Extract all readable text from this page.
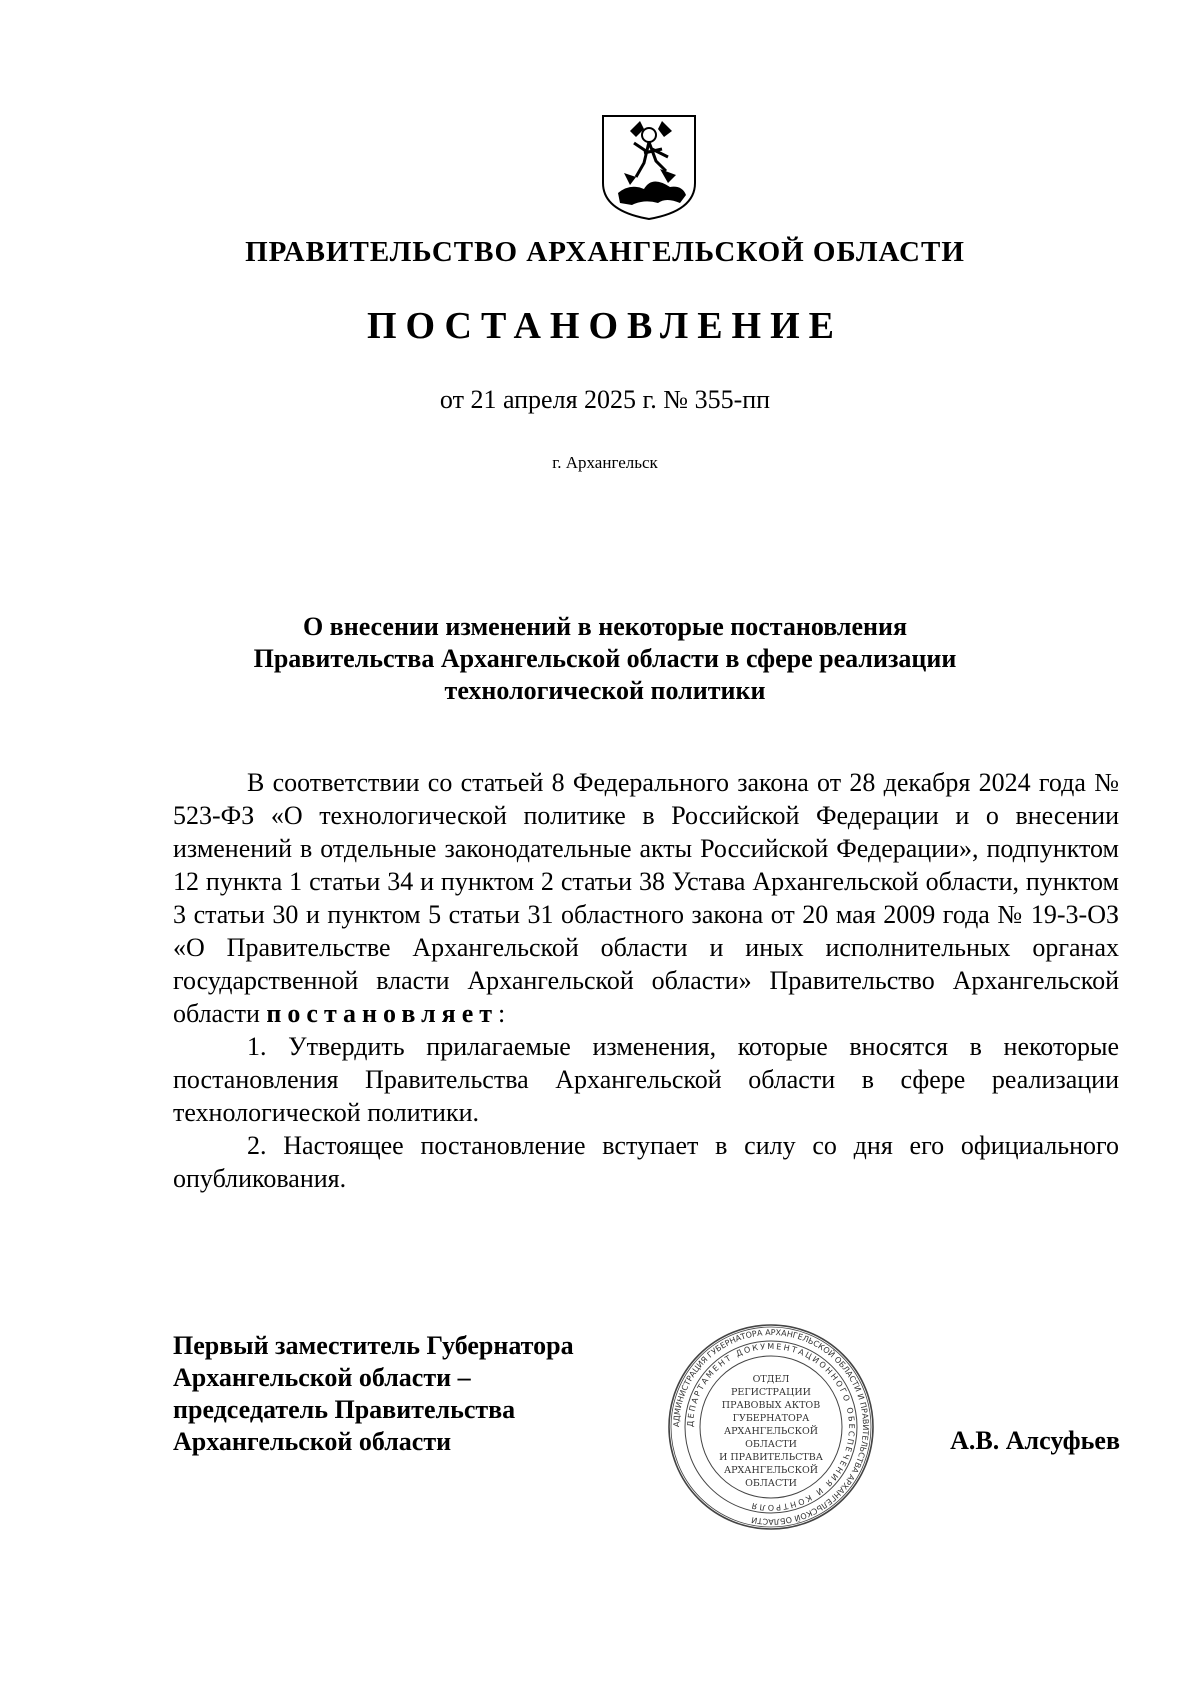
ПРАВИТЕЛЬСТВО АРХАНГЕЛЬСКОЙ ОБЛАСТИ
ПОСТАНОВЛЕНИЕ
от 21 апреля 2025 г. № 355-пп
г. Архангельск
О внесении изменений в некоторые постановления
Правительства Архангельской области в сфере реализации
технологической политики

В соответствии со статьей 8 Федерального закона от 28 декабря 2024 года № 523-ФЗ «О технологической политике в Российской Федерации и о внесении изменений в отдельные законодательные акты Российской Федерации», подпунктом 12 пункта 1 статьи 34 и пунктом 2 статьи 38 Устава Архангельской области, пунктом 3 статьи 30 и пунктом 5 статьи 31 областного закона от 20 мая 2009 года № 19-3-ОЗ «О Правительстве Архангельской области и иных исполнительных органах государственной власти Архангельской области» Правительство Архангельской области постановляет:

1. Утвердить прилагаемые изменения, которые вносятся в некоторые постановления Правительства Архангельской области в сфере реализации технологической политики.

2. Настоящее постановление вступает в силу со дня его официального опубликования.

Первый заместитель Губернатора
Архангельской области –
председатель Правительства
Архангельской области
АДМИНИСТРАЦИЯ ГУБЕРНАТОРА АРХАНГЕЛЬСКОЙ ОБЛАСТИ И ПРАВИТЕЛЬСТВА АРХАНГЕЛЬСКОЙ ОБЛАСТИ
ДЕПАРТАМЕНТ ДОКУМЕНТАЦИОННОГО ОБЕСПЕЧЕНИЯ И КОНТРОЛЯ
ОТДЕЛ
РЕГИСТРАЦИИ
ПРАВОВЫХ АКТОВ
ГУБЕРНАТОРА
АРХАНГЕЛЬСКОЙ
ОБЛАСТИ
И ПРАВИТЕЛЬСТВА
АРХАНГЕЛЬСКОЙ
ОБЛАСТИ
А.В. Алсуфьев
